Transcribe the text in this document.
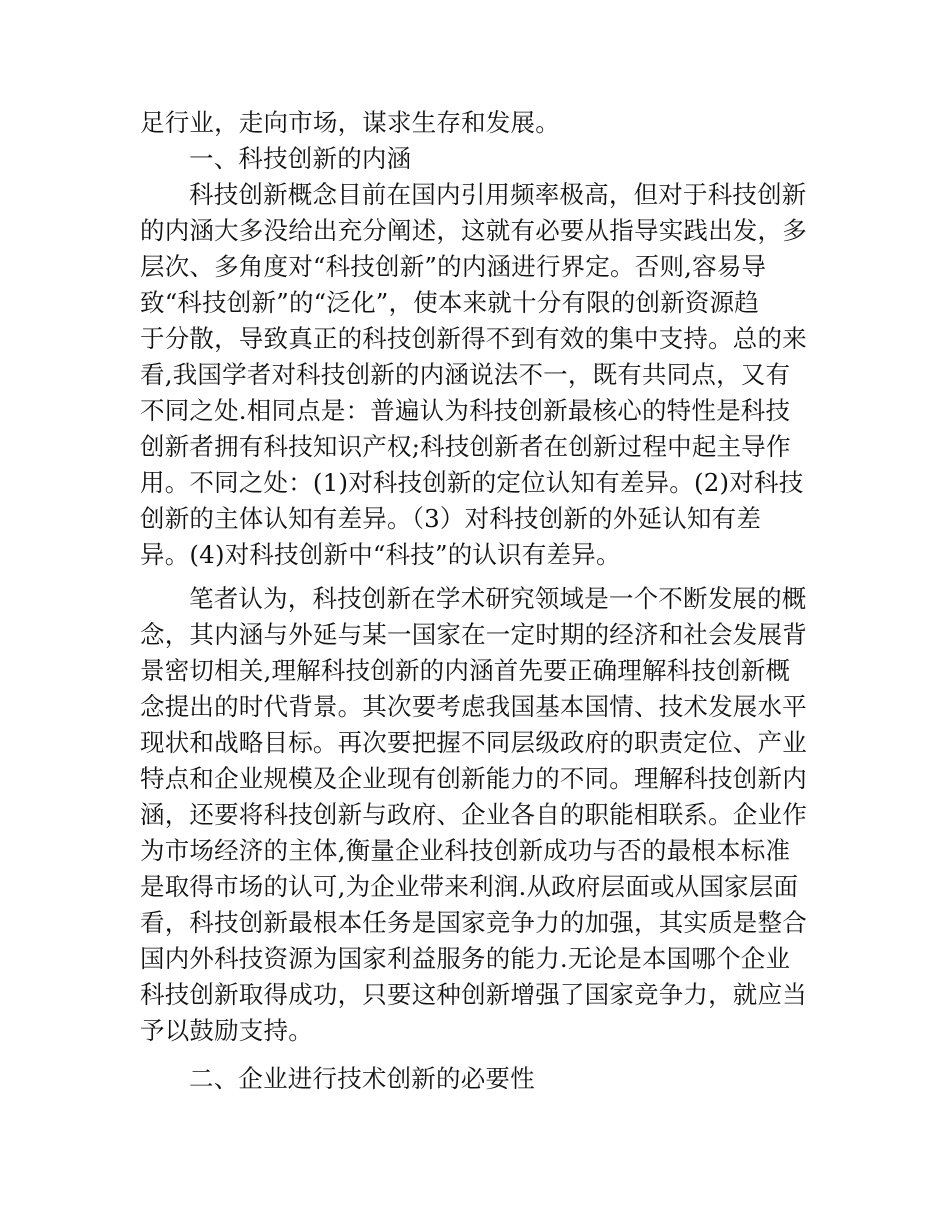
足行业，走向市场，谋求生存和发展。
一、科技创新的内涵
科技创新概念目前在国内引用频率极高，但对于科技创新
的内涵大多没给出充分阐述，这就有必要从指导实践出发，多
层次、多角度对“科技创新”的内涵进行界定。否则,容易导
致“科技创新”的“泛化”，使本来就十分有限的创新资源趋
于分散，导致真正的科技创新得不到有效的集中支持。总的来
看,我国学者对科技创新的内涵说法不一，既有共同点，又有
不同之处.相同点是：普遍认为科技创新最核心的特性是科技
创新者拥有科技知识产权;科技创新者在创新过程中起主导作
用。不同之处：(1)对科技创新的定位认知有差异。(2)对科技
创新的主体认知有差异。（3）对科技创新的外延认知有差
异。(4)对科技创新中“科技”的认识有差异。
笔者认为，科技创新在学术研究领域是一个不断发展的概
念，其内涵与外延与某一国家在一定时期的经济和社会发展背
景密切相关,理解科技创新的内涵首先要正确理解科技创新概
念提出的时代背景。其次要考虑我国基本国情、技术发展水平
现状和战略目标。再次要把握不同层级政府的职责定位、产业
特点和企业规模及企业现有创新能力的不同。理解科技创新内
涵，还要将科技创新与政府、企业各自的职能相联系。企业作
为市场经济的主体,衡量企业科技创新成功与否的最根本标准
是取得市场的认可,为企业带来利润.从政府层面或从国家层面
看，科技创新最根本任务是国家竞争力的加强，其实质是整合
国内外科技资源为国家利益服务的能力.无论是本国哪个企业
科技创新取得成功，只要这种创新增强了国家竞争力，就应当
予以鼓励支持。
二、企业进行技术创新的必要性
